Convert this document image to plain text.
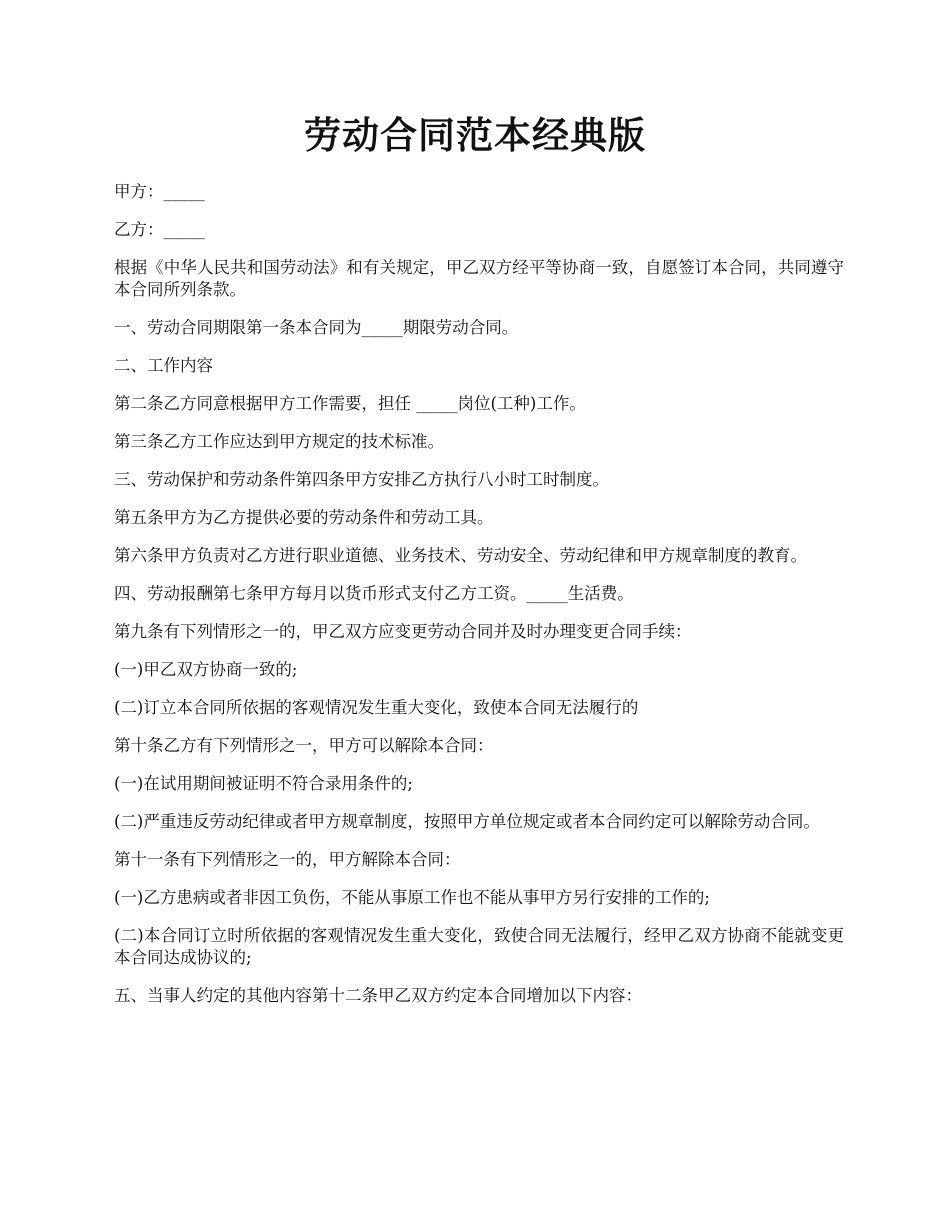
劳动合同范本经典版

甲方：_____

乙方：_____

根据《中华人民共和国劳动法》和有关规定，甲乙双方经平等协商一致，自愿签订本合同，共同遵守本合同所列条款。

一、劳动合同期限第一条本合同为_____期限劳动合同。

二、工作内容

第二条乙方同意根据甲方工作需要，担任 _____岗位(工种)工作。

第三条乙方工作应达到甲方规定的技术标准。

三、劳动保护和劳动条件第四条甲方安排乙方执行八小时工时制度。

第五条甲方为乙方提供必要的劳动条件和劳动工具。

第六条甲方负责对乙方进行职业道德、业务技术、劳动安全、劳动纪律和甲方规章制度的教育。

四、劳动报酬第七条甲方每月以货币形式支付乙方工资。_____生活费。

第九条有下列情形之一的，甲乙双方应变更劳动合同并及时办理变更合同手续：

(一)甲乙双方协商一致的;

(二)订立本合同所依据的客观情况发生重大变化，致使本合同无法履行的

第十条乙方有下列情形之一，甲方可以解除本合同：

(一)在试用期间被证明不符合录用条件的;

(二)严重违反劳动纪律或者甲方规章制度，按照甲方单位规定或者本合同约定可以解除劳动合同。

第十一条有下列情形之一的，甲方解除本合同：

(一)乙方患病或者非因工负伤，不能从事原工作也不能从事甲方另行安排的工作的;

(二)本合同订立时所依据的客观情况发生重大变化，致使合同无法履行，经甲乙双方协商不能就变更本合同达成协议的;

五、当事人约定的其他内容第十二条甲乙双方约定本合同增加以下内容：
